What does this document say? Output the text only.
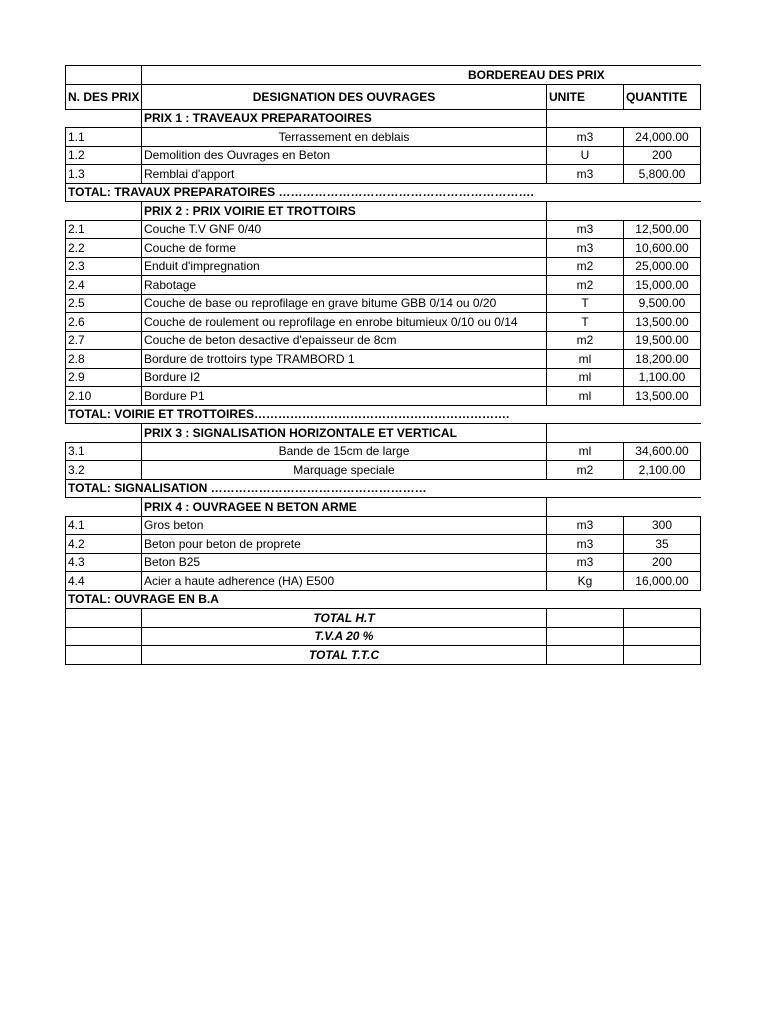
	BORDEREAU DES PRIX		
N. DES PRIX	DESIGNATION DES OUVRAGES	UNITE	QUANTITE
	PRIX 1 : TRAVEAUX PREPARATOOIRES		
1.1	Terrassement en deblais	m3	24,000.00
1.2	Demolition des Ouvrages en Beton	U	200
1.3	Remblai d'apport	m3	5,800.00
TOTAL: TRAVAUX PREPARATOIRES ……………………………………………………….			
	PRIX 2 : PRIX VOIRIE ET TROTTOIRS		
2.1	Couche T.V GNF 0/40	m3	12,500.00
2.2	Couche de forme	m3	10,600.00
2.3	Enduit d'impregnation	m2	25,000.00
2.4	Rabotage	m2	15,000.00
2.5	Couche de base ou reprofilage en grave bitume GBB 0/14 ou 0/20	T	9,500.00
2.6	Couche de roulement ou reprofilage en enrobe bitumieux 0/10 ou 0/14	T	13,500.00
2.7	Couche de beton desactive d'epaisseur de 8cm	m2	19,500.00
2.8	Bordure de trottoirs type TRAMBORD 1	ml	18,200.00
2.9	Bordure I2	ml	1,100.00
2.10	Bordure P1	ml	13,500.00
TOTAL: VOIRIE ET TROTTOIRES……………………………………………………….			
	PRIX 3 : SIGNALISATION HORIZONTALE ET VERTICAL		
3.1	Bande de 15cm de large	ml	34,600.00
3.2	Marquage speciale	m2	2,100.00
TOTAL: SIGNALISATION ………………………………………………			
	PRIX 4 : OUVRAGEE N BETON ARME		
4.1	Gros beton	m3	300
4.2	Beton pour beton de proprete	m3	35
4.3	Beton B25	m3	200
4.4	Acier a haute adherence (HA) E500	Kg	16,000.00
TOTAL: OUVRAGE EN B.A			
	TOTAL H.T		
	T.V.A 20 %		
	TOTAL T.T.C		
